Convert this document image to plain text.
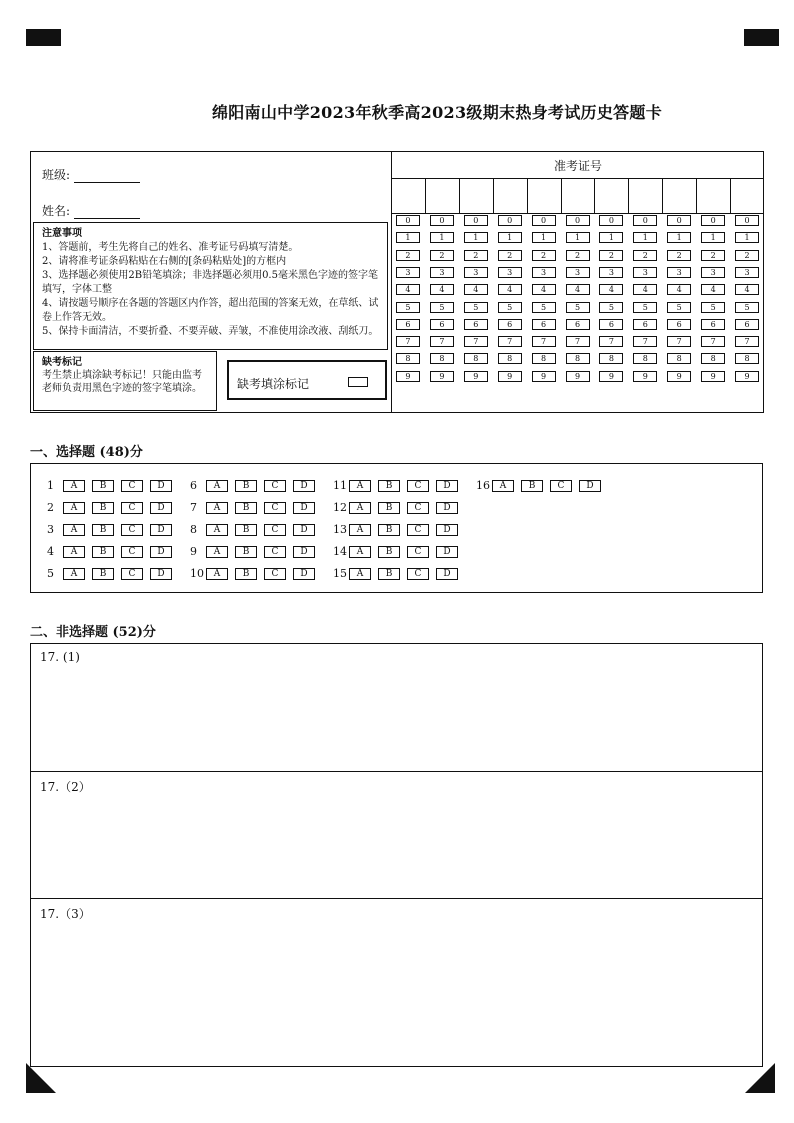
绵阳南山中学2023年秋季高2023级期末热身考试历史答题卡
班级:
姓名:

注意事项

1、答题前，考生先将自己的姓名、准考证号码填写清楚。

2、请将准考证条码粘贴在右侧的[条码粘贴处]的方框内

3、选择题必须使用2B铅笔填涂；非选择题必须用0.5毫米黑色字迹的签字笔填写，字体工整

4、请按题号顺序在各题的答题区内作答，超出范围的答案无效，在草纸、试卷上作答无效。

5、保持卡面清洁，不要折叠、不要弄破、弄皱，不准使用涂改液、刮纸刀。

缺考标记
考生禁止填涂缺考标记！只能由监考老师负责用黑色字迹的签字笔填涂。	缺考填涂标记
准考证号
0	0	0	0	0	0	0	0	0	0	0
1	1	1	1	1	1	1	1	1	1	1
2	2	2	2	2	2	2	2	2	2	2
3	3	3	3	3	3	3	3	3	3	3
4	4	4	4	4	4	4	4	4	4	4
5	5	5	5	5	5	5	5	5	5	5
6	6	6	6	6	6	6	6	6	6	6
7	7	7	7	7	7	7	7	7	7	7
8	8	8	8	8	8	8	8	8	8	8
9	9	9	9	9	9	9	9	9	9	9
一、选择题 (48)分
1	A	B	C	D
2	A	B	C	D
3	A	B	C	D
4	A	B	C	D
5	A	B	C	D
6	A	B	C	D
7	A	B	C	D
8	A	B	C	D
9	A	B	C	D
10	A	B	C	D
11	A	B	C	D
12	A	B	C	D
13	A	B	C	D
14	A	B	C	D
15	A	B	C	D
16	A	B	C	D
二、非选择题 (52)分
17. (1)
17.（2）
17.（3）
